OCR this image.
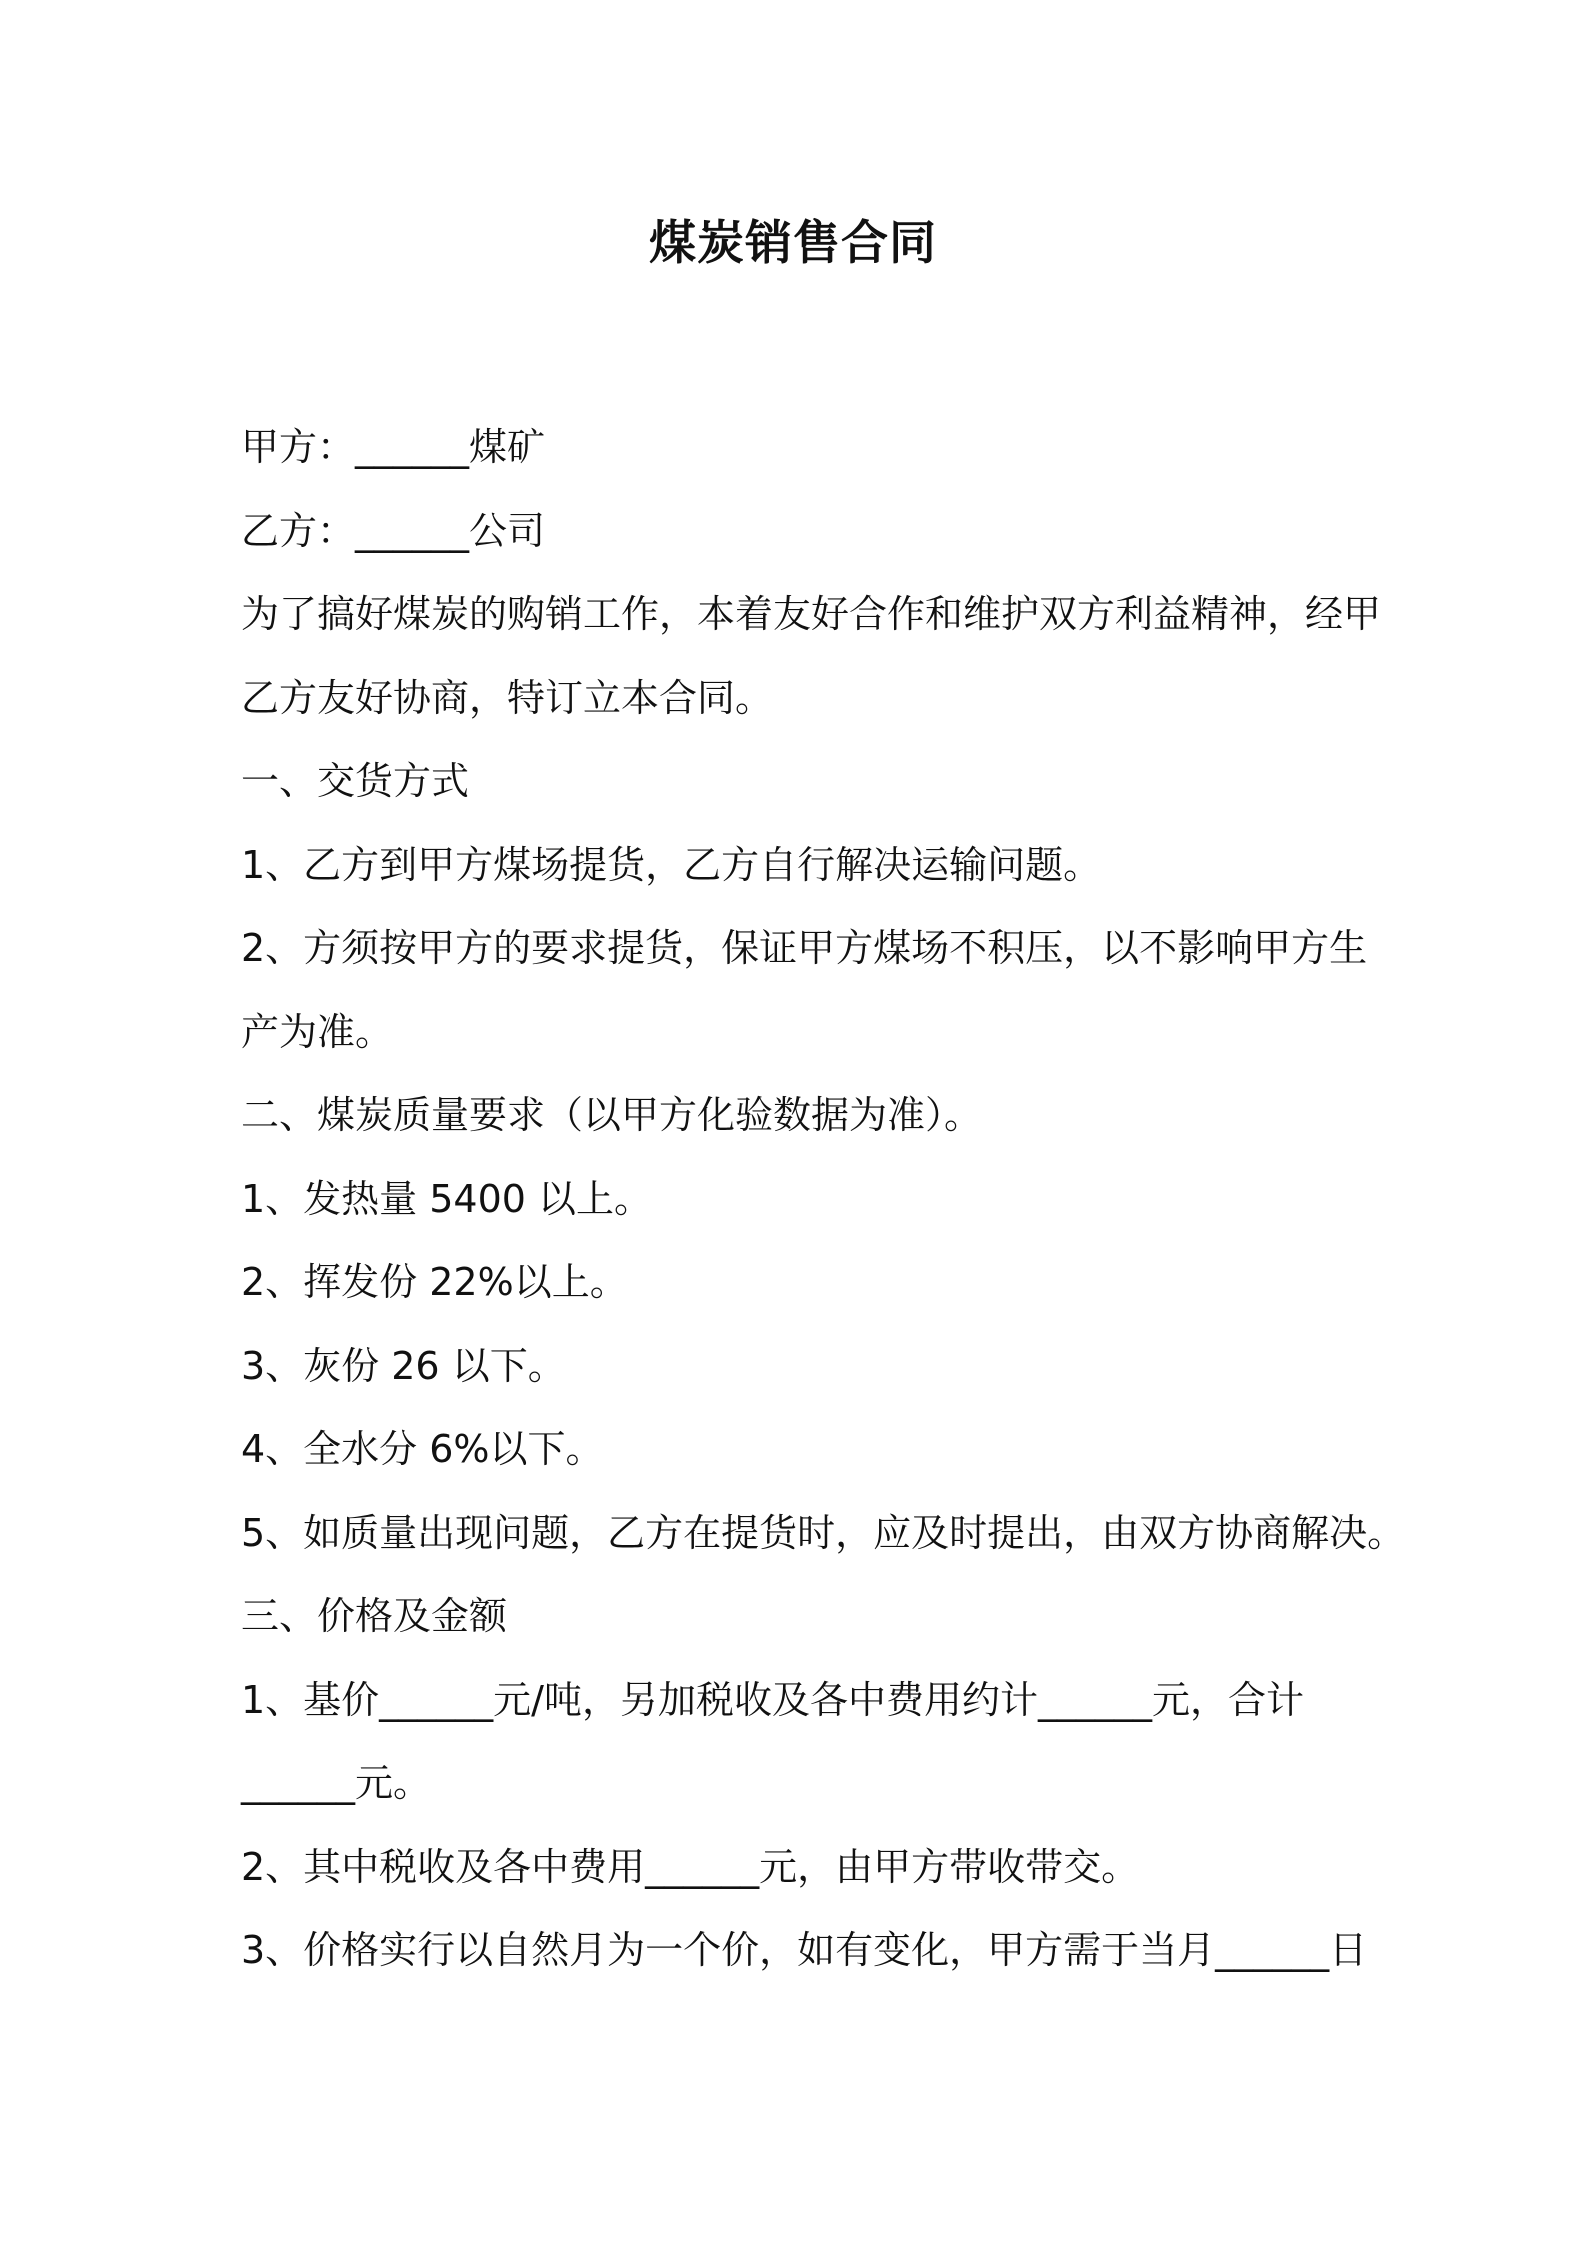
煤炭销售合同
甲方：______煤矿
乙方：______公司
为了搞好煤炭的购销工作，本着友好合作和维护双方利益精神，经甲
乙方友好协商，特订立本合同。
一、交货方式
1、乙方到甲方煤场提货，乙方自行解决运输问题。
2、方须按甲方的要求提货，保证甲方煤场不积压，以不影响甲方生
产为准。
二、煤炭质量要求（以甲方化验数据为准）。
1、发热量 5400 以上。
2、挥发份 22%以上。
3、灰份 26 以下。
4、全水分 6%以下。
5、如质量出现问题，乙方在提货时，应及时提出，由双方协商解决。
三、价格及金额
1、基价______元/吨，另加税收及各中费用约计______元，合计
______元。
2、其中税收及各中费用______元，由甲方带收带交。
3、价格实行以自然月为一个价，如有变化，甲方需于当月______日
